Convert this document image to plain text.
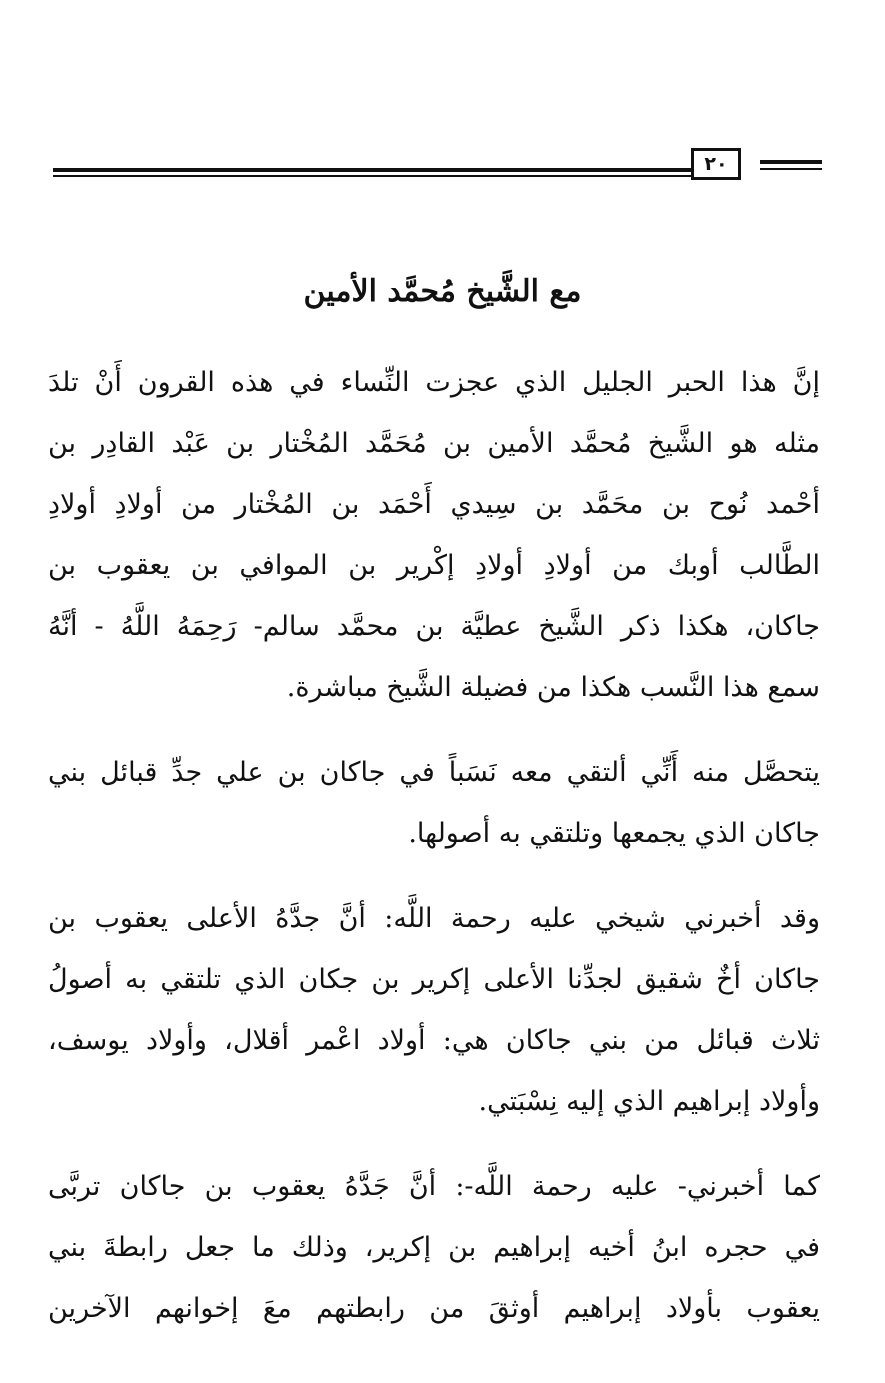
٢٠
مع الشَّيخ مُحمَّد الأمين

إنَّ هذا الحبر الجليل الذي عجزت النِّساء في هذه القرون أَنْ تلدَ
مثله هو الشَّيخ مُحمَّد الأمين بن مُحَمَّد المُخْتار بن عَبْد القادِر بن
أحْمد نُوح بن محَمَّد بن سِيدي أَحْمَد بن المُخْتار من أولادِ أولادِ
الطَّالب أوبك من أولادِ أولادِ إكْرير بن الموافي بن يعقوب بن
جاكان، هكذا ذكر الشَّيخ عطيَّة بن محمَّد سالم- رَحِمَهُ اللَّهُ - أنَّهُ
سمع هذا النَّسب هكذا من فضيلة الشَّيخ مباشرة.

يتحصَّل منه أَنِّي ألتقي معه نَسَباً في جاكان بن علي جدِّ قبائل بني
جاكان الذي يجمعها وتلتقي به أصولها.

وقد أخبرني شيخي عليه رحمة اللَّه: أنَّ جدَّهُ الأعلى يعقوب بن
جاكان أخٌ شقيق لجدِّنا الأعلى إكرير بن جكان الذي تلتقي به أصولُ
ثلاث قبائل من بني جاكان هي: أولاد اعْمر أقلال، وأولاد يوسف،
وأولاد إبراهيم الذي إليه نِسْبَتي.

كما أخبرني- عليه رحمة اللَّه-: أنَّ جَدَّهُ يعقوب بن جاكان تربَّى
في حجره ابنُ أخيه إبراهيم بن إكرير، وذلك ما جعل رابطةَ بني
يعقوب بأولاد إبراهيم أوثقَ من رابطتهم معَ إخوانهم الآخرين
